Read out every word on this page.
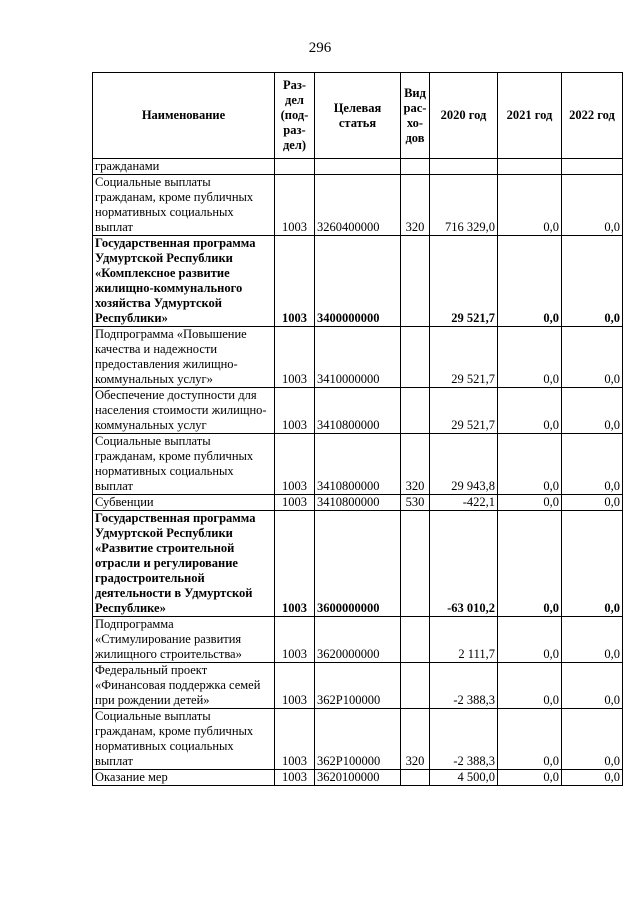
296
Наименование	Раз-дел (под-раз-дел)	Целевая статья	Вид рас-хо-дов	2020 год	2021 год	2022 год
гражданами						
Социальные выплаты гражданам, кроме публичных нормативных социальных выплат	1003	3260400000	320	716 329,0	0,0	0,0
Государственная программа Удмуртской Республики «Комплексное развитие жилищно-коммунального хозяйства Удмуртской Республики»	1003	3400000000		29 521,7	0,0	0,0
Подпрограмма «Повышение качества и надежности предоставления жилищно-коммунальных услуг»	1003	3410000000		29 521,7	0,0	0,0
Обеспечение доступности для населения стоимости жилищно-коммунальных услуг	1003	3410800000		29 521,7	0,0	0,0
Социальные выплаты гражданам, кроме публичных нормативных социальных выплат	1003	3410800000	320	29 943,8	0,0	0,0
Субвенции	1003	3410800000	530	-422,1	0,0	0,0
Государственная программа Удмуртской Республики «Развитие строительной отрасли и регулирование градостроительной деятельности в Удмуртской Республике»	1003	3600000000		-63 010,2	0,0	0,0
Подпрограмма «Стимулирование развития жилищного строительства»	1003	3620000000		2 111,7	0,0	0,0
Федеральный проект «Финансовая поддержка семей при рождении детей»	1003	362P100000		-2 388,3	0,0	0,0
Социальные выплаты гражданам, кроме публичных нормативных социальных выплат	1003	362P100000	320	-2 388,3	0,0	0,0
Оказание мер	1003	3620100000		4 500,0	0,0	0,0
